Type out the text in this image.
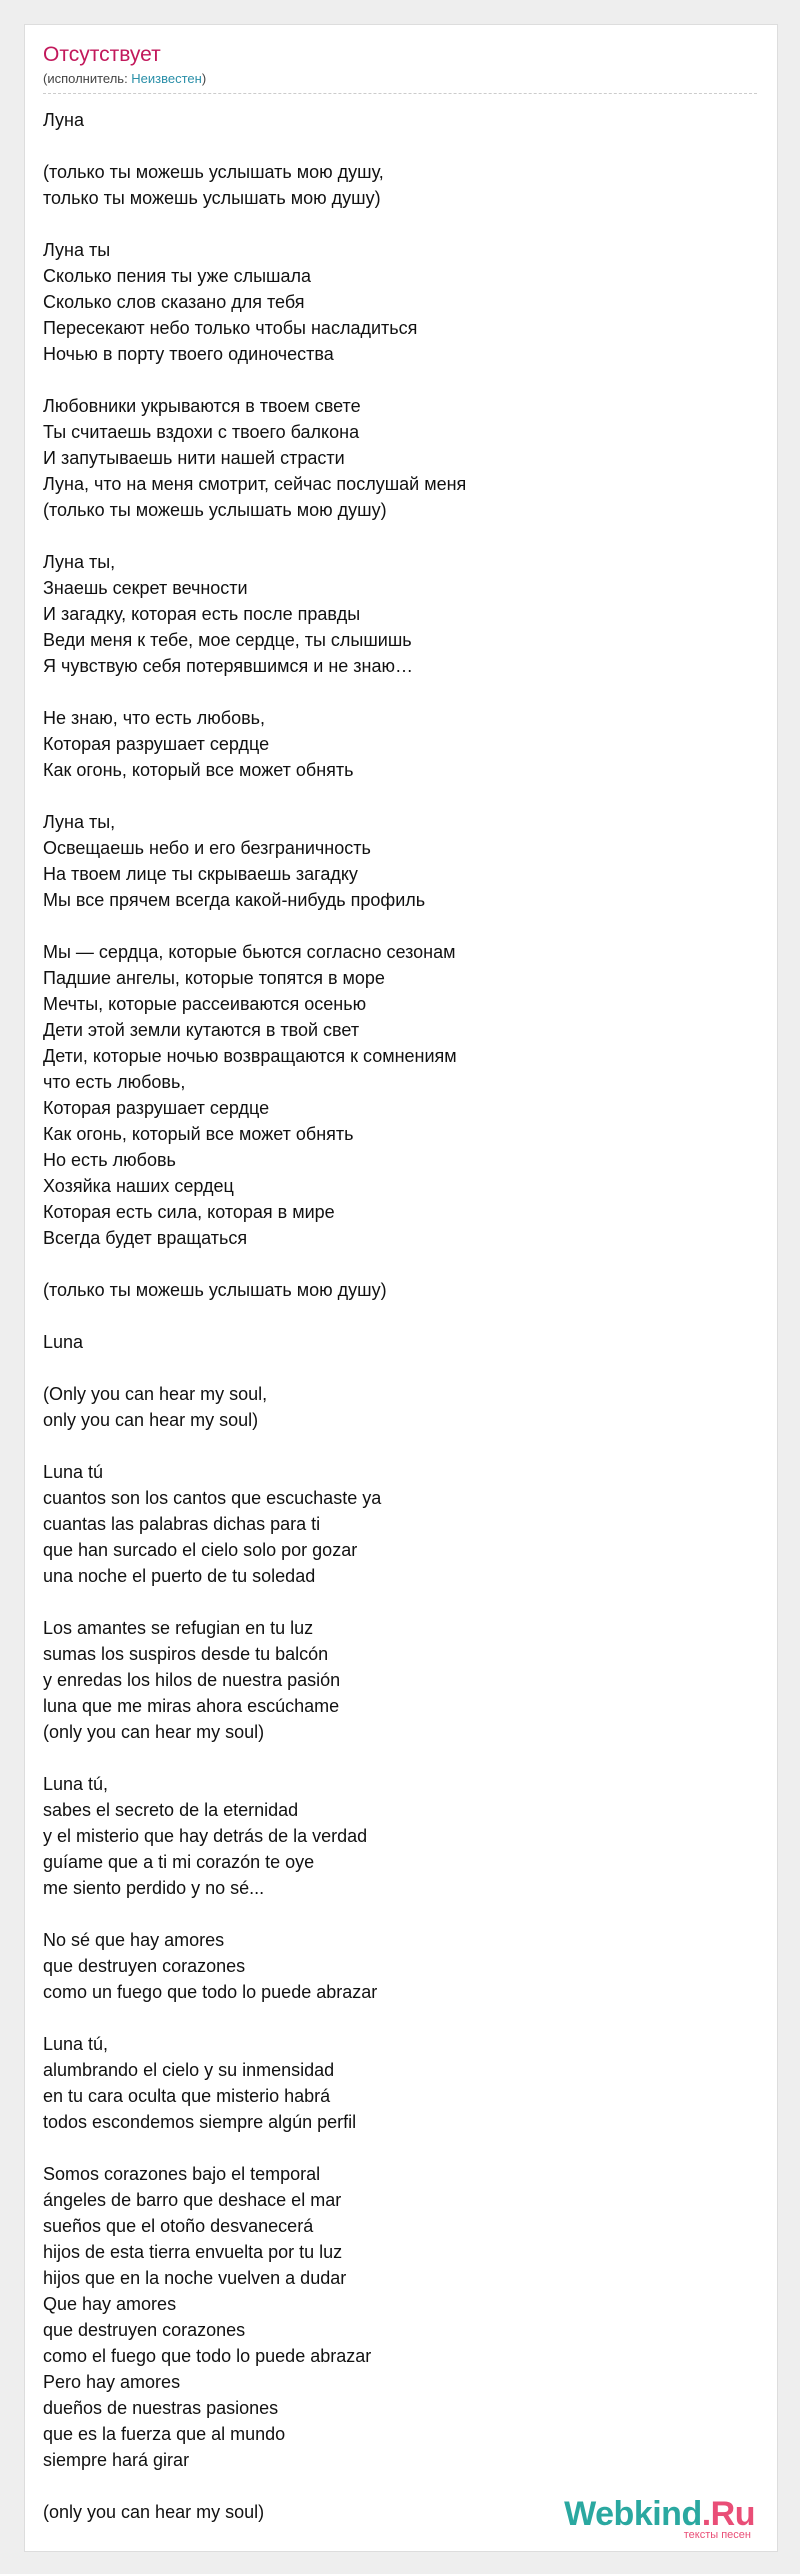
Отсутствует
(исполнитель: Неизвестен)
Луна
(только ты можешь услышать мою душу,
только ты можешь услышать мою душу)
Луна ты
Сколько пения ты уже слышала
Сколько слов сказано для тебя
Пересекают небо только чтобы насладиться
Ночью в порту твоего одиночества
Любовники укрываются в твоем свете
Ты считаешь вздохи с твоего балкона
И запутываешь нити нашей страсти
Луна, что на меня смотрит, сейчас послушай меня
(только ты можешь услышать мою душу)
Луна ты,
Знаешь секрет вечности
И загадку, которая есть после правды
Веди меня к тебе, мое сердце, ты слышишь
Я чувствую себя потерявшимся и не знаю…
Не знаю, что есть любовь,
Которая разрушает сердце
Как огонь, который все может обнять
Луна ты,
Освещаешь небо и его безграничность
На твоем лице ты скрываешь загадку
Мы все прячем всегда какой-нибудь профиль
Мы — сердца, которые бьются согласно сезонам
Падшие ангелы, которые топятся в море
Мечты, которые рассеиваются осенью
Дети этой земли кутаются в твой свет
Дети, которые ночью возвращаются к сомнениям
что есть любовь,
Которая разрушает сердце
Как огонь, который все может обнять
Но есть любовь
Хозяйка наших сердец
Которая есть сила, которая в мире
Всегда будет вращаться
(только ты можешь услышать мою душу)
Luna
(Only you can hear my soul,
only you can hear my soul)
Luna tú
cuantos son los cantos que escuchaste ya
cuantas las palabras dichas para ti
que han surcado el cielo solo por gozar
una noche el puerto de tu soledad
Los amantes se refugian en tu luz
sumas los suspiros desde tu balcón
y enredas los hilos de nuestra pasión
luna que me miras ahora escúchame
(only you can hear my soul)
Luna tú,
sabes el secreto de la eternidad
y el misterio que hay detrás de la verdad
guíame que a ti mi corazón te oye
me siento perdido y no sé...
No sé que hay amores
que destruyen corazones
como un fuego que todo lo puede abrazar
Luna tú,
alumbrando el cielo y su inmensidad
en tu cara oculta que misterio habrá
todos escondemos siempre algún perfil
Somos corazones bajo el temporal
ángeles de barro que deshace el mar
sueños que el otoño desvanecerá
hijos de esta tierra envuelta por tu luz
hijos que en la noche vuelven a dudar
Que hay amores
que destruyen corazones
como el fuego que todo lo puede abrazar
Pero hay amores
dueños de nuestras pasiones
que es la fuerza que al mundo
siempre hará girar
(only you can hear my soul)	Webkind.Ru
тексты песен
